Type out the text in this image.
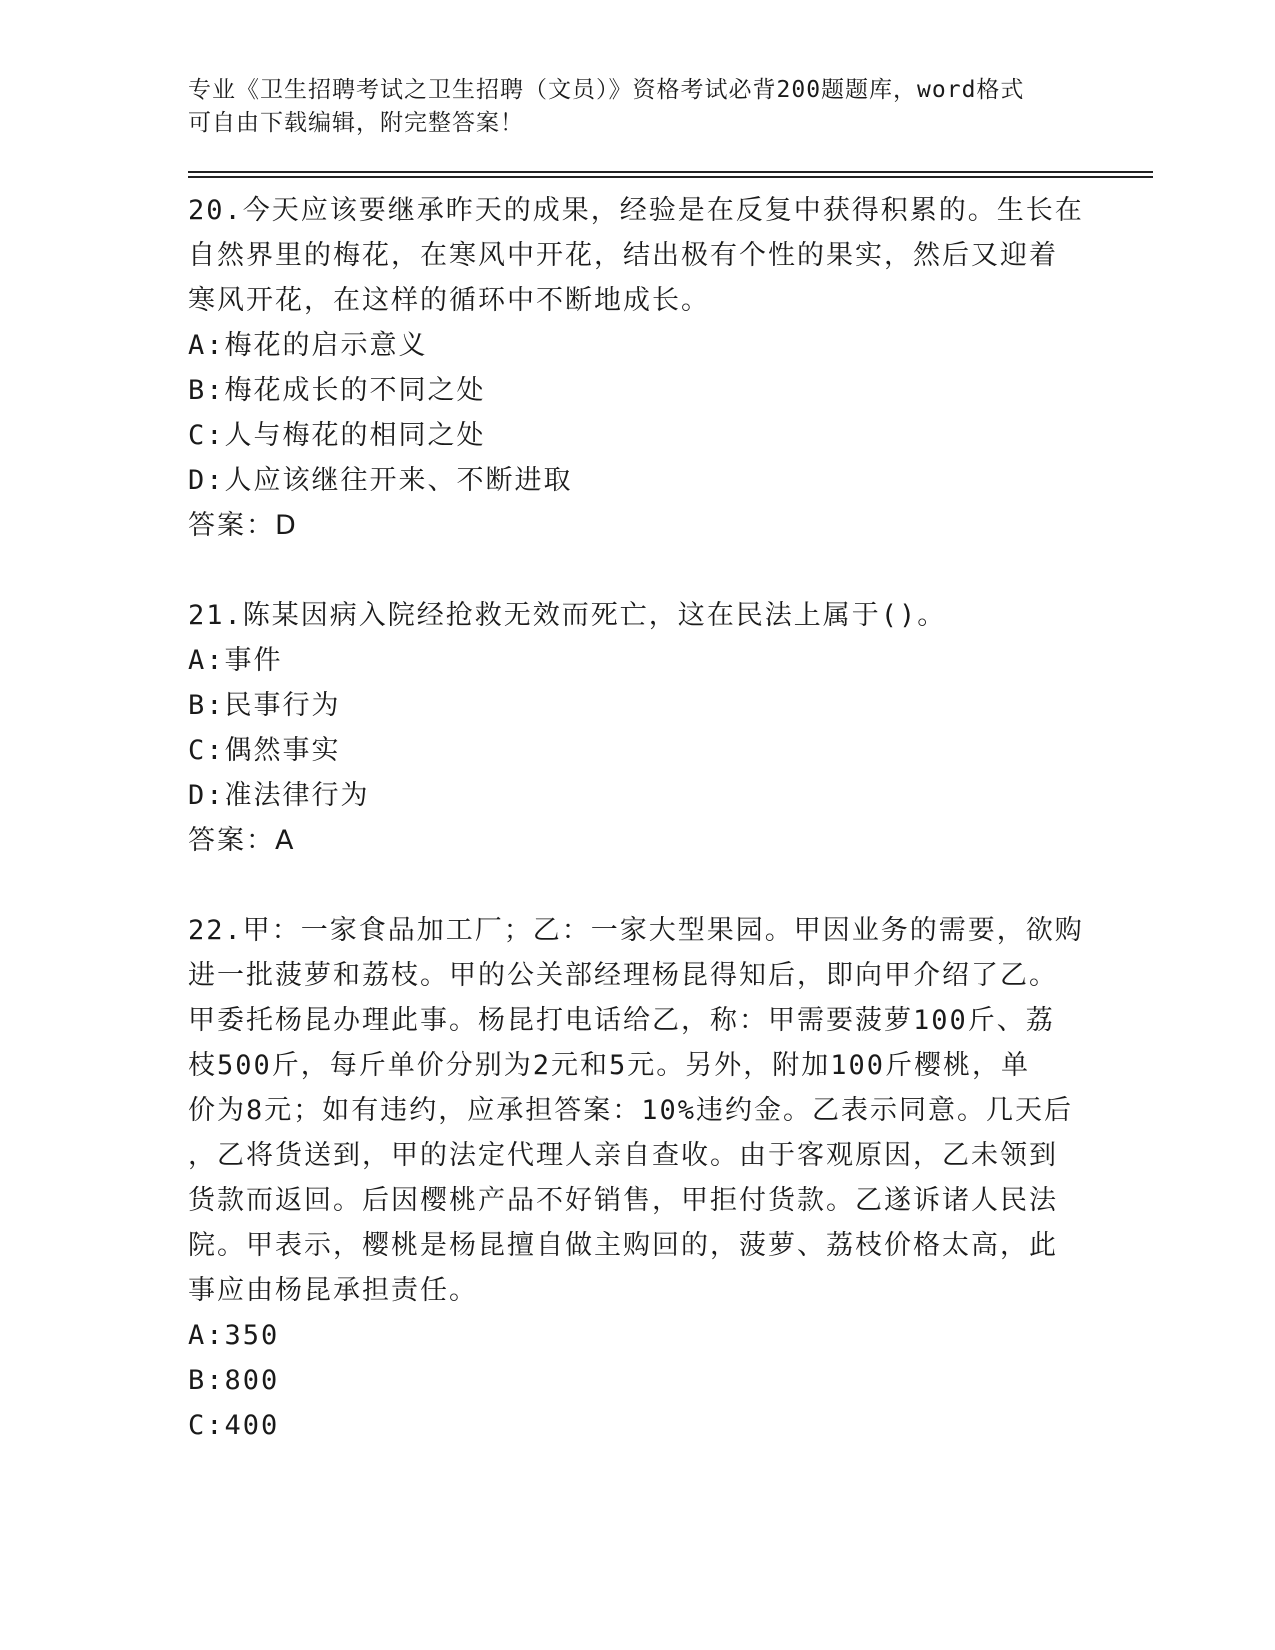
专业《卫生招聘考试之卫生招聘（文员）》资格考试必背200题题库，word格式
可自由下载编辑，附完整答案！

20.今天应该要继承昨天的成果，经验是在反复中获得积累的。生长在

自然界里的梅花，在寒风中开花，结出极有个性的果实，然后又迎着

寒风开花，在这样的循环中不断地成长。

A:梅花的启示意义

B:梅花成长的不同之处

C:人与梅花的相同之处

D:人应该继往开来、不断进取

答案：D

21.陈某因病入院经抢救无效而死亡，这在民法上属于()。

A:事件

B:民事行为

C:偶然事实

D:准法律行为

答案：A

22.甲：一家食品加工厂；乙：一家大型果园。甲因业务的需要，欲购

进一批菠萝和荔枝。甲的公关部经理杨昆得知后，即向甲介绍了乙。

甲委托杨昆办理此事。杨昆打电话给乙，称：甲需要菠萝100斤、荔

枝500斤，每斤单价分别为2元和5元。另外，附加100斤樱桃，单

价为8元；如有违约，应承担答案：10%违约金。乙表示同意。几天后

，乙将货送到，甲的法定代理人亲自查收。由于客观原因，乙未领到

货款而返回。后因樱桃产品不好销售，甲拒付货款。乙遂诉诸人民法

院。甲表示，樱桃是杨昆擅自做主购回的，菠萝、荔枝价格太高，此

事应由杨昆承担责任。

A:350

B:800

C:400
